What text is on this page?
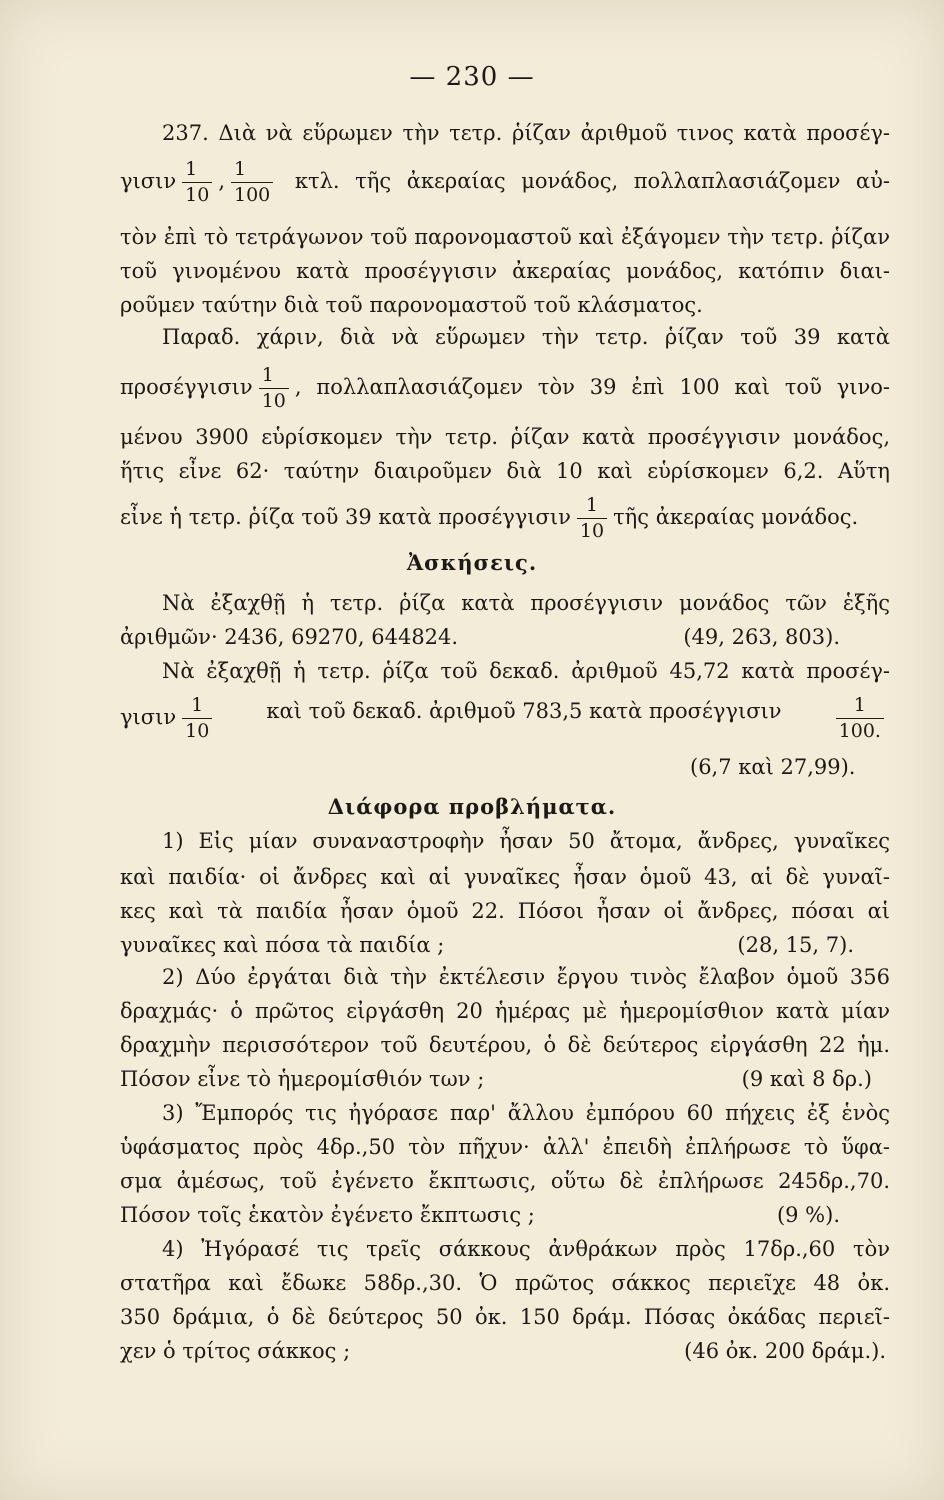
— 230 —
237. Διὰ νὰ εὕρωμεν τὴν τετρ. ῥίζαν ἀριθμοῦ τινος κατὰ προσέγ-
γισιν $\frac{1}{10}$ , $\frac{1}{100} \kappa\tau\lambda$. τῆς ἀκεραίας μονάδος, πολλαπλασιάζομεν αὐ-
τὸν ἐπὶ τὸ τετράγωνον τοῦ παρονομαστοῦ καὶ ἐξάγομεν τὴν τετρ. ῥίζαν
τοῦ γινομένου κατὰ προσέγγισιν ἀκεραίας μονάδος, κατόπιν διαι-
ροῦμεν ταύτην διὰ τοῦ παρονομαστοῦ τοῦ κλάσματος.
Παραδ. χάριν, διὰ νὰ εὕρωμεν τὴν τετρ. ῥίζαν τοῦ 39 κατὰ
προσέγγισιν $\frac{1}{10}$ , πολλαπλασιάζομεν τὸν 39 ἐπὶ 100 καὶ τοῦ γινο-
μένου 3900 εὑρίσκομεν τὴν τετρ. ῥίζαν κατὰ προσέγγισιν μονάδος,
ἥτις εἶνε 62· ταύτην διαιροῦμεν διὰ 10 καὶ εὑρίσκομεν 6,2. Αὕτη
εἶνε ἡ τετρ. ῥίζα τοῦ 39 κατὰ προσέγγισιν $\frac{1}{10}$ τῆς ἀκεραίας μονάδος.
Ἀσκήσεις.
Νὰ ἐξαχθῇ ἡ τετρ. ῥίζα κατὰ προσέγγισιν μονάδος τῶν ἑξῆς
ἀριθμῶν· 2436, 69270, 644824.	(49, 263, 803).
Νὰ ἐξαχθῇ ἡ τετρ. ῥίζα τοῦ δεκαδ. ἀριθμοῦ 45,72 κατὰ προσέγ-
γισιν $\frac{1}{10}$	καὶ τοῦ δεκαδ. ἀριθμοῦ 783,5 κατὰ προσέγγισιν	$\frac{1}{100.}$
(6,7 καὶ 27,99).
Διάφορα προβλήματα.
1) Εἰς μίαν συναναστροφὴν ἦσαν 50 ἄτομα, ἄνδρες, γυναῖκες
καὶ παιδία· οἱ ἄνδρες καὶ αἱ γυναῖκες ἦσαν ὁμοῦ 43, αἱ δὲ γυναῖ-
κες καὶ τὰ παιδία ἦσαν ὁμοῦ 22. Πόσοι ἦσαν οἱ ἄνδρες, πόσαι αἱ
γυναῖκες καὶ πόσα τὰ παιδία ;	(28, 15, 7).
2) Δύο ἐργάται διὰ τὴν ἐκτέλεσιν ἔργου τινὸς ἔλαβον ὁμοῦ 356
δραχμάς· ὁ πρῶτος εἰργάσθη 20 ἡμέρας μὲ ἡμερομίσθιον κατὰ μίαν
δραχμὴν περισσότερον τοῦ δευτέρου, ὁ δὲ δεύτερος εἰργάσθη 22 ἡμ.
Πόσον εἶνε τὸ ἡμερομίσθιόν των ;	(9 καὶ 8 δρ.)
3) Ἔμπορός τις ἠγόρασε παρ' ἄλλου ἐμπόρου 60 πήχεις ἐξ ἑνὸς
ὑφάσματος πρὸς 4δρ.,50 τὸν πῆχυν· ἀλλ' ἐπειδὴ ἐπλήρωσε τὸ ὕφα-
σμα ἀμέσως, τοῦ ἐγένετο ἔκπτωσις, οὕτω δὲ ἐπλήρωσε 245δρ.,70.
Πόσον τοῖς ἑκατὸν ἐγένετο ἔκπτωσις ;	(9 %).
4) Ἠγόρασέ τις τρεῖς σάκκους ἀνθράκων πρὸς 17δρ.,60 τὸν
στατῆρα καὶ ἔδωκε 58δρ.,30. Ὁ πρῶτος σάκκος περιεῖχε 48 ὀκ.
350 δράμια, ὁ δὲ δεύτερος 50 ὀκ. 150 δράμ. Πόσας ὀκάδας περιεῖ-
χεν ὁ τρίτος σάκκος ;	(46 ὀκ. 200 δράμ.).
